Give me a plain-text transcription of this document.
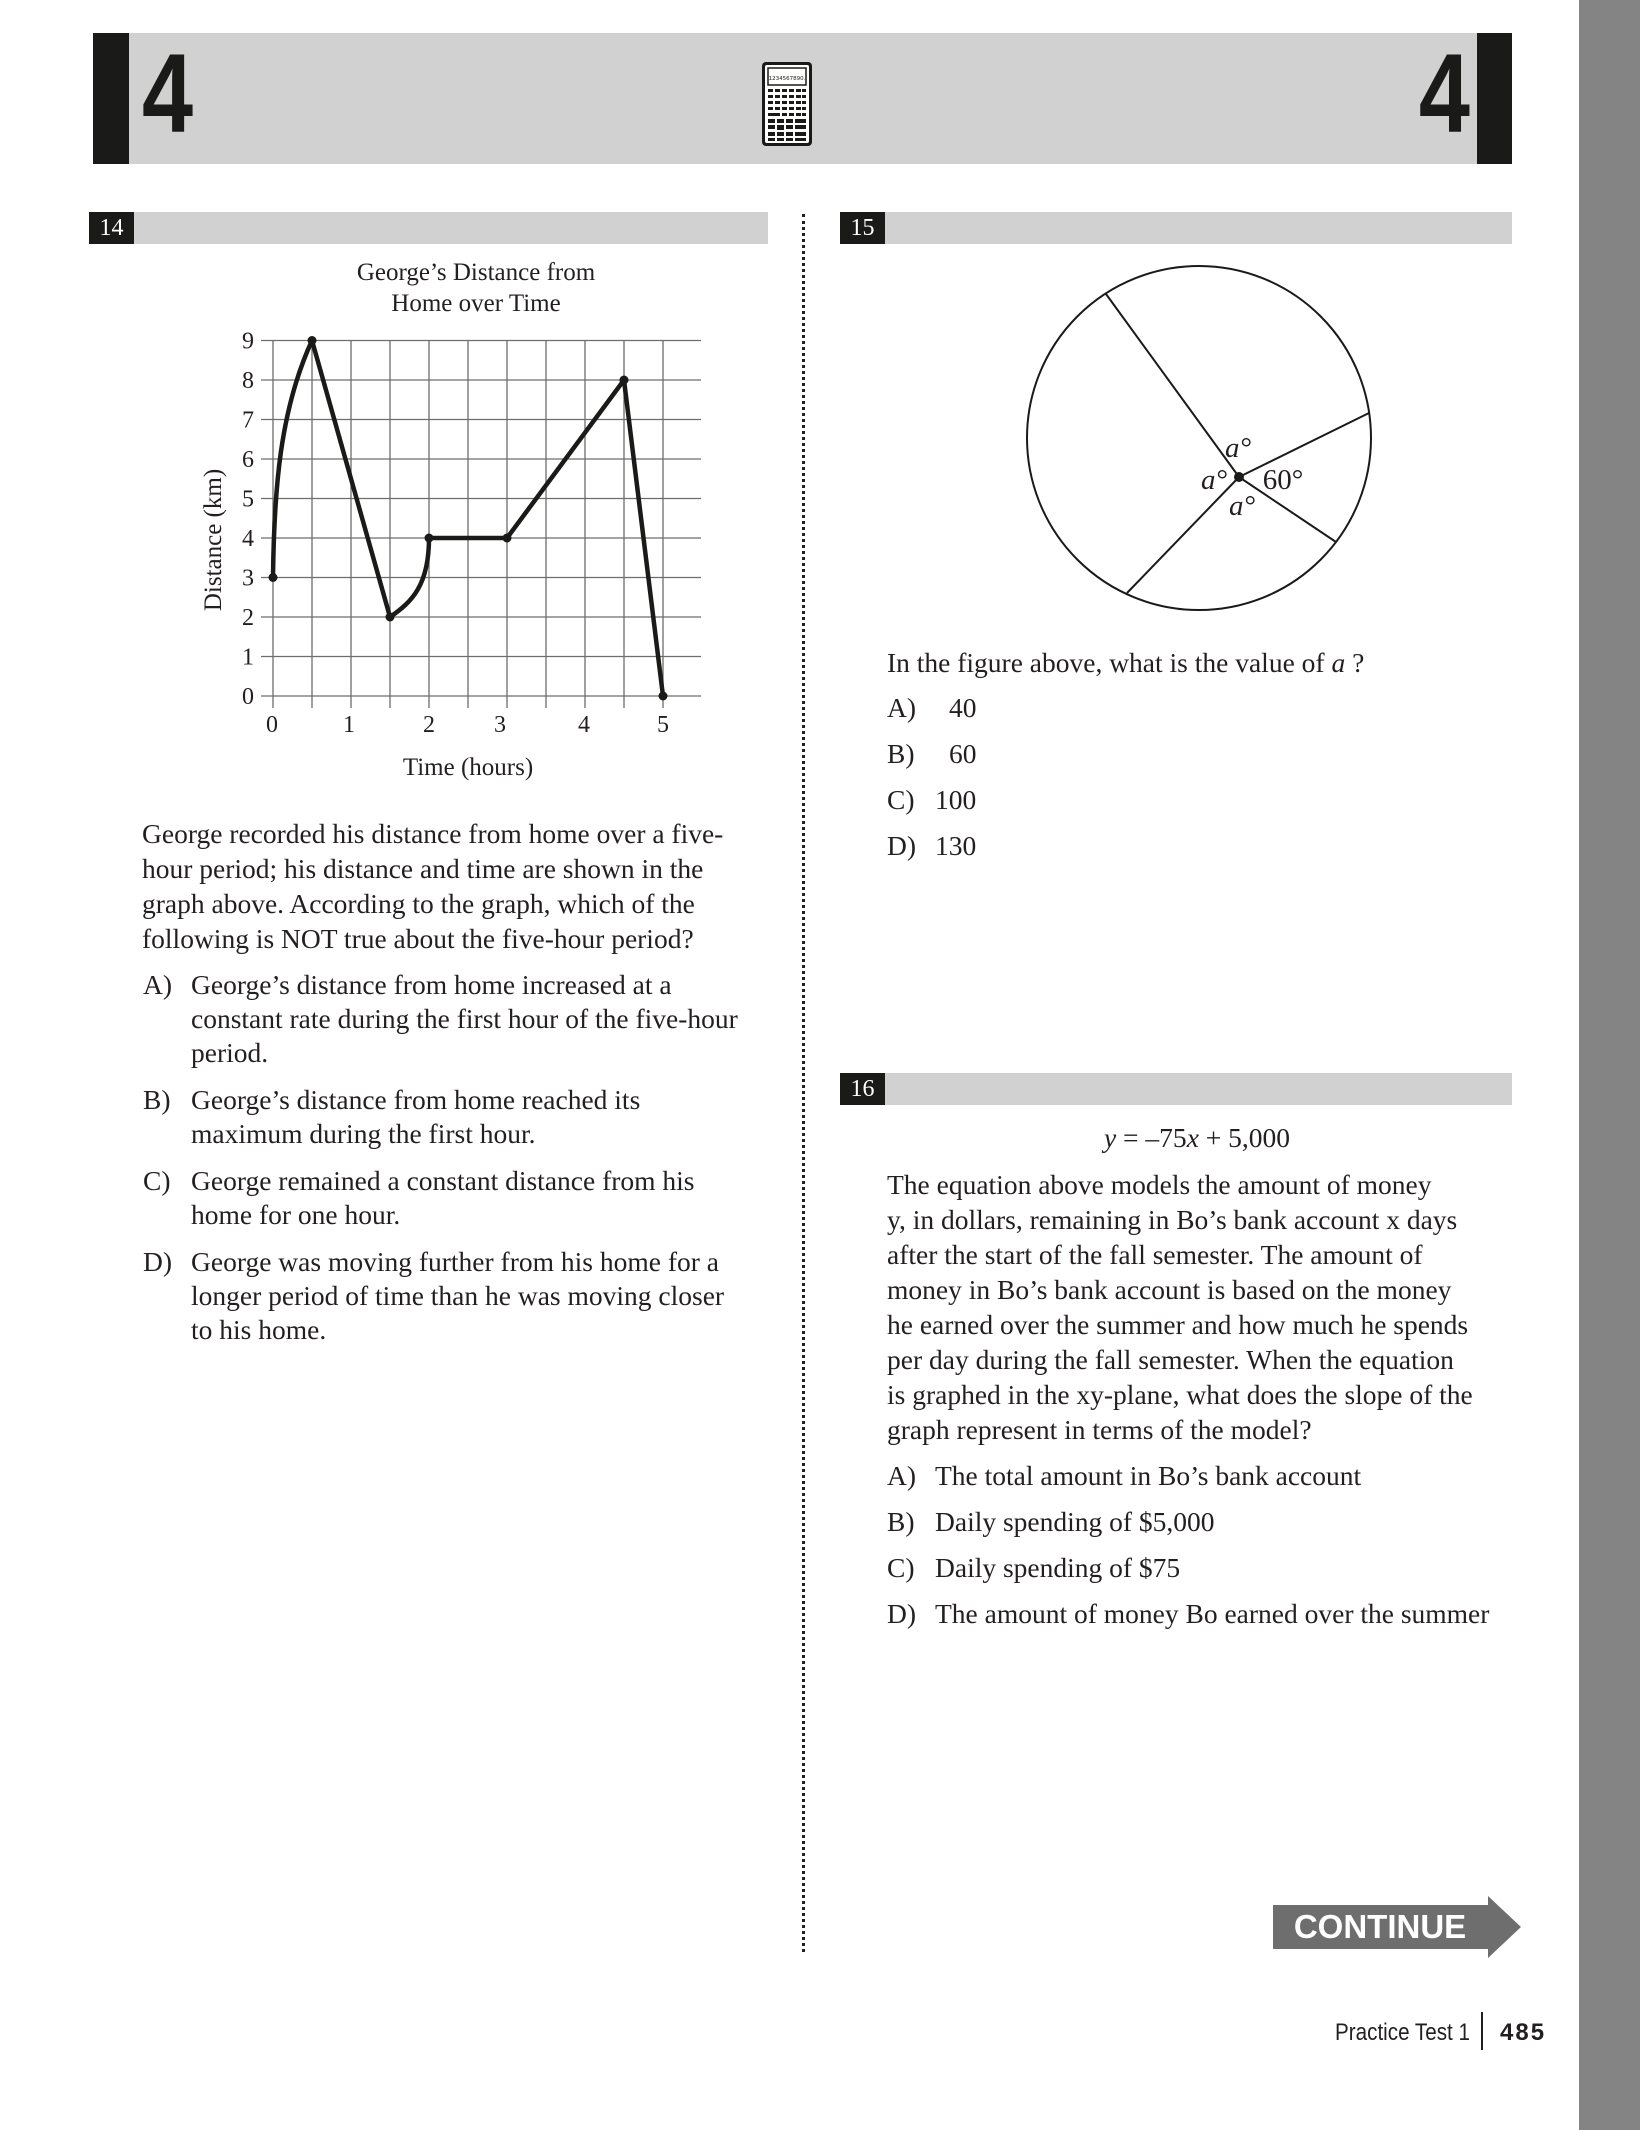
4	4
1234567890.
14
George’s Distance from
Home over Time
0
1
2
3
4
5
6
7
8
9
0	1	2 3	4	5
Time (hours)
Distance (km)
George recorded his distance from home over a five-
hour period; his distance and time are shown in the
graph above. According to the graph, which of the
following is NOT true about the five-hour period?
A) George’s distance from home increased at a
constant rate during the first hour of the five-hour
period.
B) George’s distance from home reached its
maximum during the first hour.
C) George remained a constant distance from his
home for one hour.
D) George was moving further from his home for a
longer period of time than he was moving closer
to his home.
15
a°
a°
a°
60°
In the figure above, what is the value of a ?
A) 40
B) 60
C) 100
D) 130
16
y = –75x + 5,000
The equation above models the amount of money
y, in dollars, remaining in Bo’s bank account x days
after the start of the fall semester. The amount of
money in Bo’s bank account is based on the money
he earned over the summer and how much he spends
per day during the fall semester. When the equation
is graphed in the xy-plane, what does the slope of the
graph represent in terms of the model?
A) The total amount in Bo’s bank account
B) Daily spending of $5,000
C) Daily spending of $75
D) The amount of money Bo earned over the summer
CONTINUE
Practice Test 1 485
